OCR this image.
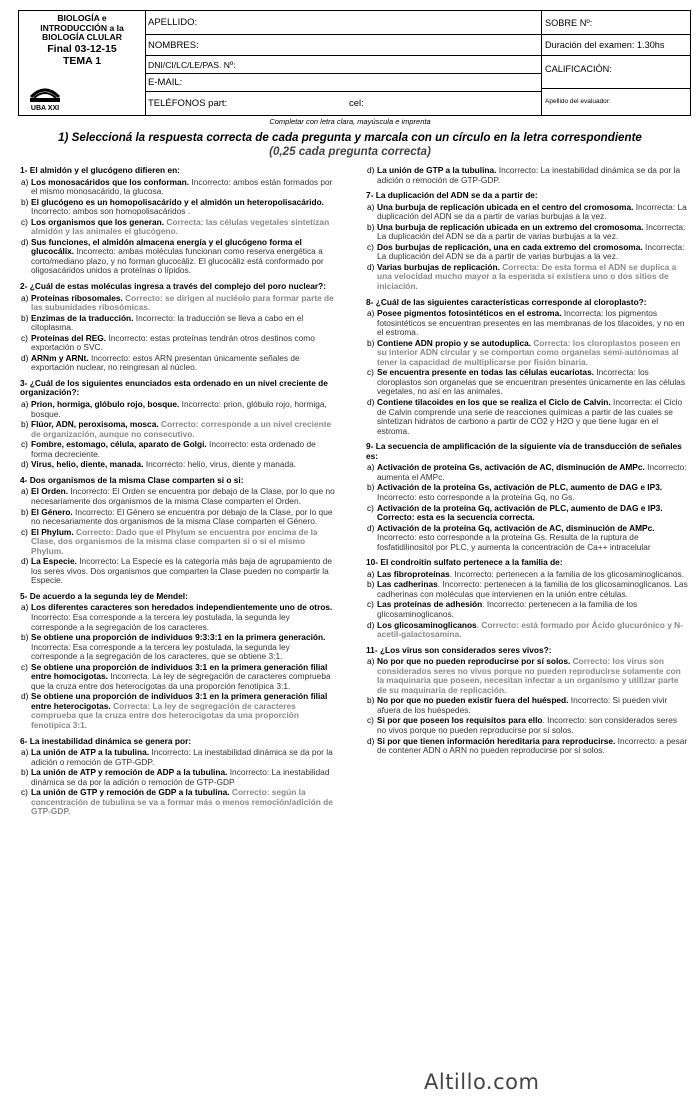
BIOLOGÍA e
INTRODUCCIÓN a la
BIOLOGÍA CLULAR
Final 03-12-15
TEMA 1
UBA XXI
APELLIDO:
NOMBRES:
DNI/CI/LC/LE/PAS. Nº:
E-MAIL:
TELÉFONOS part:	cel:
SOBRE Nº:
Duración del examen: 1.30hs
CALIFICACIÓN:
Apellido del evaluador:
Completar con letra clara, mayúscula e imprenta
1) Seleccioná la respuesta correcta de cada pregunta y marcala con un círculo en la letra correspondiente
(0,25 cada pregunta correcta)
1- El almidón y el glucógeno difieren en:
a) Los monosacáridos que los conforman. Incorrecto: ambos están formados por el mismo monosacárido, la glucosa.
b) El glucógeno es un homopolisacárido y el almidón un heteropolisacárido. Incorrecto: ambos son homopolisacáridos .
c) Los organismos que los generan. Correcta: las células vegetales sintetizan almidón y las animales el glucógeno.
d) Sus funciones, el almidón almacena energía y el glucógeno forma el glucocálix. Incorrecto: ambas moléculas funcionan como reserva energética a corto/mediano plazo, y no forman glucocáliz. El glucocáliz está conformado por oligosacáridos unidos a proteínas o lípidos.
2- ¿Cuál de estas moléculas ingresa a través del complejo del poro nuclear?:
a) Proteínas ribosomales. Correcto: se dirigen al nucléolo para formar parte de las subunidades ribosómicas.
b) Enzimas de la traducción. Incorrecto: la traducción se lleva a cabo en el citoplasma.
c) Proteínas del REG. Incorrecto: estas proteínas tendrán otros destinos como exportación o SVC.
d) ARNm y ARNt. Incorrecto: estos ARN presentan únicamente señales de exportación nuclear, no reingresan al núcleo.
3- ¿Cuál de los siguientes enunciados esta ordenado en un nivel creciente de organización?:
a) Prion, hormiga, glóbulo rojo, bosque. Incorrecto: prion, glóbulo rojo, hormiga, bosque.
b) Flúor, ADN, peroxisoma, mosca. Correcto: corresponde a un nivel creciente de organización, aunque no consecutivo.
c) Fombre, estomago, célula, aparato de Golgi. Incorrecto: esta ordenado de forma decreciente.
d) Virus, helio, diente, manada. Incorrecto: helio, virus, diente y manada.
4- Dos organismos de la misma Clase comparten si o si:
a) El Orden. Incorrecto: El Orden se encuentra por debajo de la Clase, por lo que no necesariamente dos organismos de la misma Clase comparten el Orden.
b) El Género. Incorrecto: El Género se encuentra por debajo de la Clase, por lo que no necesariamente dos organismos de la misma Clase comparten el Género.
c) El Phylum. Correcto: Dado que el Phylum se encuentra por encima de la Clase, dos organismos de la misma clase comparten si o sí el mismo Phylum.
d) La Especie. Incorrecto: La Especie es la categoría más baja de agrupamiento de los seres vivos. Dos organismos que comparten la Clase pueden no compartir la Especie.
5- De acuerdo a la segunda ley de Mendel:
a) Los diferentes caracteres son heredados independientemente uno de otros. Incorrecto: Esa corresponde a la tercera ley postulada, la segunda ley corresponde a la segregación de los caracteres.
b) Se obtiene una proporción de individuos 9:3:3:1 en la primera generación. Incorrecta: Esa corresponde a la tercera ley postulada, la segunda ley corresponde a la segregación de los caracteres, que se obtiene 3:1.
c) Se obtiene una proporción de individuos 3:1 en la primera generación filial entre homocigotas. Incorrecta. La ley de segregación de caracteres comprueba que la cruza entre dos heterocigotas da una proporción fenotípica 3:1.
d) Se obtiene una proporción de individuos 3:1 en la primera generación filial entre heterocigotas. Correcta: La ley de segregación de caracteres comprueba que la cruza entre dos heterocigotas da una proporción fenotípica 3:1.
6- La inestabilidad dinámica se genera por:
a) La unión de ATP a la tubulina. Incorrecto: La inestabilidad dinámica se da por la adición o remoción de GTP-GDP.
b) La unión de ATP y remoción de ADP a la tubulina. Incorrecto: La inestabilidad dinámica se da por la adición o remoción de GTP-GDP
c) La unión de GTP y remoción de GDP a la tubulina. Correcto: según la concentración de tubulina se va a formar más o menos remoción/adición de GTP-GDP.
d) La unión de GTP a la tubulina. Incorrecto: La inestabilidad dinámica se da por la adición o remoción de GTP-GDP.
7- La duplicación del ADN se da a partir de:
a) Una burbuja de replicación ubicada en el centro del cromosoma. Incorrecta: La duplicación del ADN se da a partir de varias burbujas a la vez.
b) Una burbuja de replicación ubicada en un extremo del cromosoma. Incorrecta: La duplicación del ADN se da a partir de varias burbujas a la vez.
c) Dos burbujas de replicación, una en cada extremo del cromosoma. Incorrecta: La duplicación del ADN se da a partir de varias burbujas a la vez.
d) Varias burbujas de replicación. Correcta: De esta forma el ADN se duplica a una velocidad mucho mayor a la esperada si existiera uno o dos sitios de iniciación.
8- ¿Cuál de las siguientes características corresponde al cloroplasto?:
a) Posee pigmentos fotosintéticos en el estroma. Incorrecta: los pigmentos fotosintéticos se encuentran presentes en las membranas de los tilacoides, y no en el estroma.
b) Contiene ADN propio y se autoduplica. Correcta: los cloroplastos poseen en su interior ADN circular y se comportan como organelas semi-autónomas al tener la capacidad de multiplicarse por fisión binaria.
c) Se encuentra presente en todas las células eucariotas. Incorrecta: los cloroplastos son organelas que se encuentran presentes únicamente en las células vegetales, no así en las animales.
d) Contiene tilacoides en los que se realiza el Ciclo de Calvin. Incorrecta: el Ciclo de Calvin comprende una serie de reacciones químicas a partir de las cuales se sintetizan hidratos de carbono a partir de CO2 y H2O y que tiene lugar en el estroma.
9- La secuencia de amplificación de la siguiente vía de transducción de señales es:
a) Activación de proteína Gs, activación de AC, disminución de AMPc. Incorrecto: aumenta el AMPc.
b) Activación de la proteína Gs, activación de PLC, aumento de DAG e IP3. Incorrecto: esto corresponde a la proteína Gq, no Gs.
c) Activación de la proteína Gq, activación de PLC, aumento de DAG e IP3. Correcto: esta es la secuencia correcta.
d) Activación de la proteína Gq, activación de AC, disminución de AMPc. Incorrecto: esto corresponde a la proteína Gs. Resulta de la ruptura de fosfatidilinositol por PLC, y aumenta la concentración de Ca++ intracelular
10- El condroitin sulfato pertenece a la familia de:
a) Las fibroproteínas. Incorrecto: pertenecen a la familia de los glicosaminoglicanos.
b) Las cadherinas. Incorrecto: pertenecen a la familia de los glicosaminoglicanos. Las cadherinas con moléculas que intervienen en la unión entre células.
c) Las proteínas de adhesión. Incorrecto: pertenecen a la familia de los glicosaminoglicanos.
d) Los glicosaminoglicanos. Correcto: está formado por Ácido glucurónico y N-acetil-galactosamina.
11- ¿Los virus son considerados seres vivos?:
a) No por que no pueden reproducirse por sí solos. Correcto: los virus son considerados seres no vivos porque no pueden reproducirse solamente con la maquinaria que poseen, necesitan infectar a un organismo y utilizar parte de su maquinaria de replicación.
b) No por que no pueden existir fuera del huésped. Incorrecto: Si pueden vivir afuera de los huéspedes.
c) Si por que poseen los requisitos para ello. Incorrecto: son considerados seres no vivos porque no pueden reproducirse por sí solos.
d) Si por que tienen información hereditaria para reproducirse. Incorrecto: a pesar de contener ADN o ARN no pueden reproducirse por sí solos.
Altillo.com
